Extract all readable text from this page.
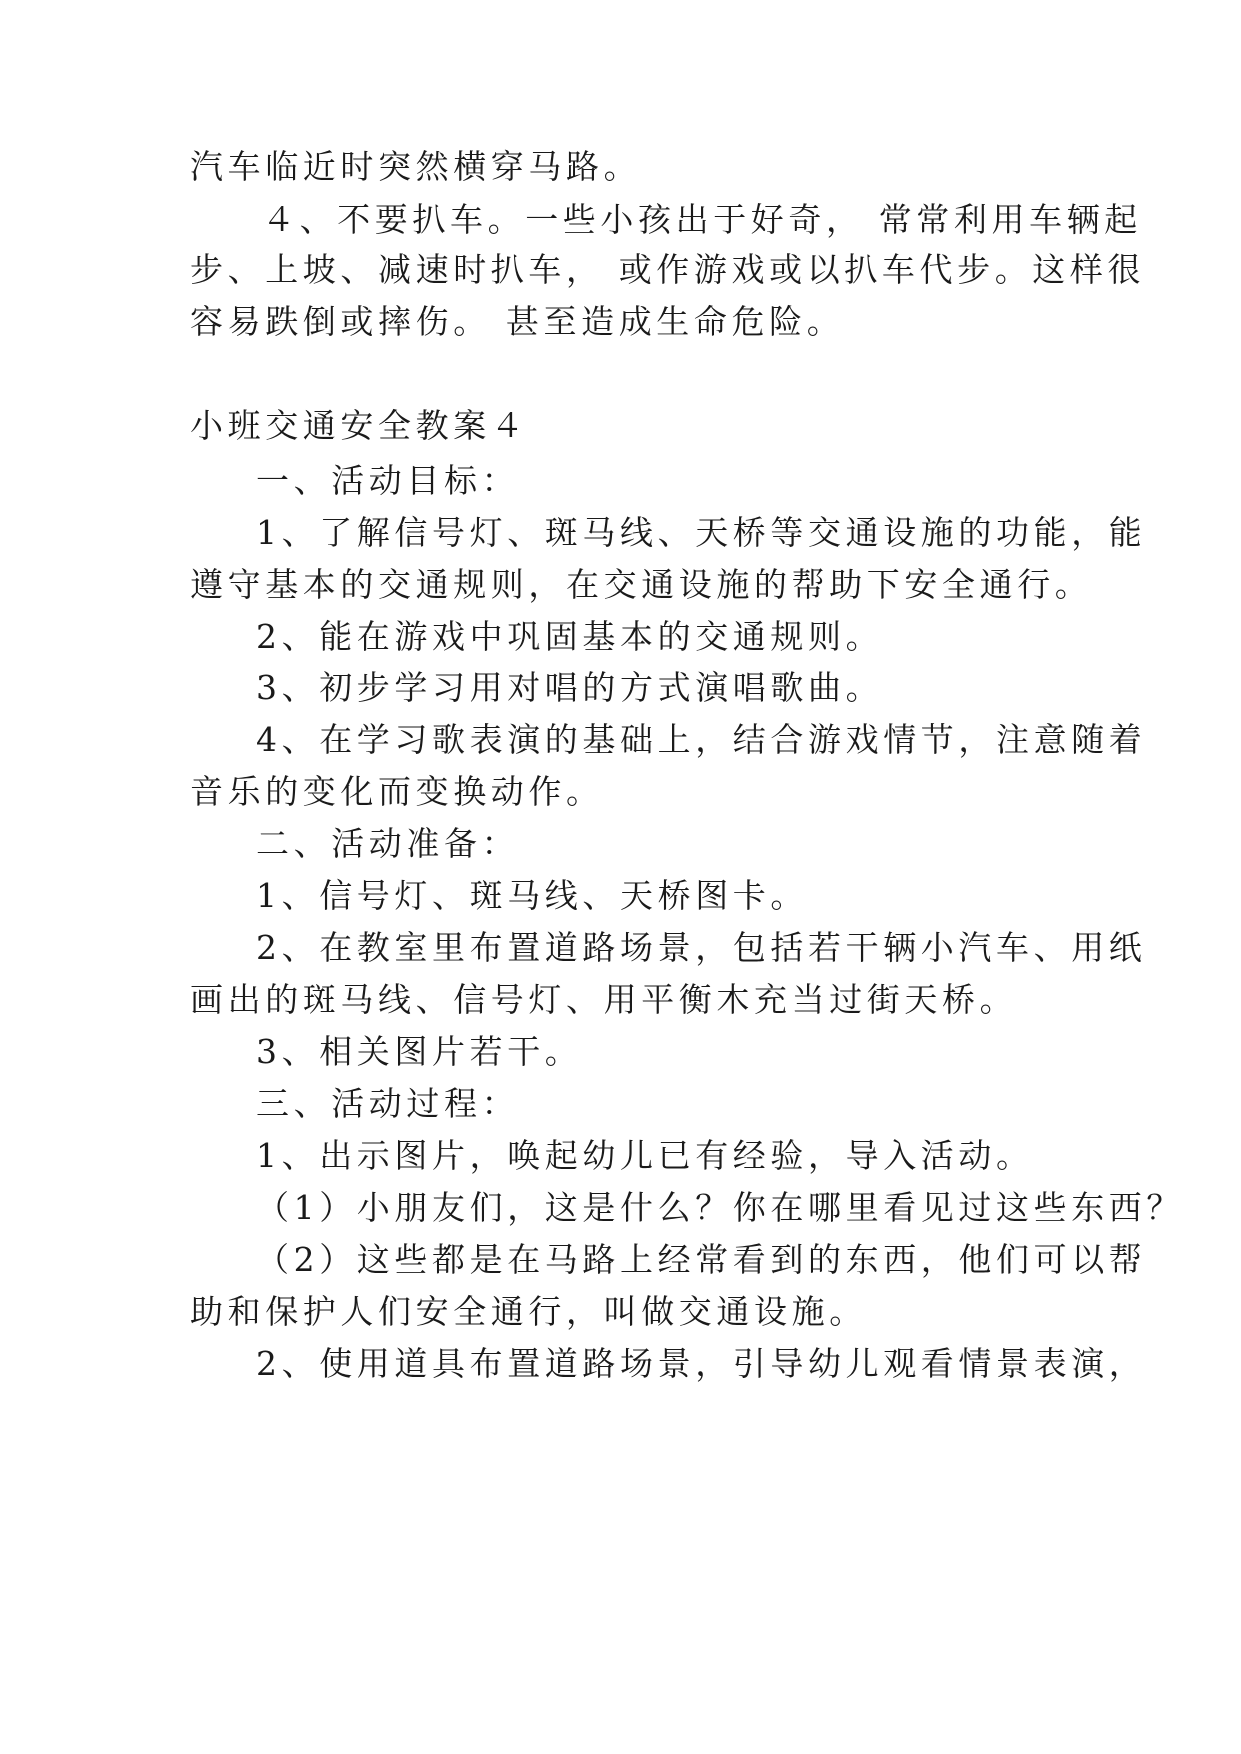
汽车临近时突然横穿马路。
４、不要扒车。一些小孩出于好奇， 常常利用车辆起
步、上坡、减速时扒车， 或作游戏或以扒车代步。这样很
容易跌倒或摔伤。 甚至造成生命危险。
小班交通安全教案４
一、活动目标：
1、了解信号灯、斑马线、天桥等交通设施的功能，能
遵守基本的交通规则，在交通设施的帮助下安全通行。
2、能在游戏中巩固基本的交通规则。
3、初步学习用对唱的方式演唱歌曲。
4、在学习歌表演的基础上，结合游戏情节，注意随着
音乐的变化而变换动作。
二、活动准备：
1、信号灯、斑马线、天桥图卡。
2、在教室里布置道路场景，包括若干辆小汽车、用纸
画出的斑马线、信号灯、用平衡木充当过街天桥。
3、相关图片若干。
三、活动过程：
1、出示图片，唤起幼儿已有经验，导入活动。
（1）小朋友们，这是什么？你在哪里看见过这些东西？
（2）这些都是在马路上经常看到的东西，他们可以帮
助和保护人们安全通行，叫做交通设施。
2、使用道具布置道路场景，引导幼儿观看情景表演，
